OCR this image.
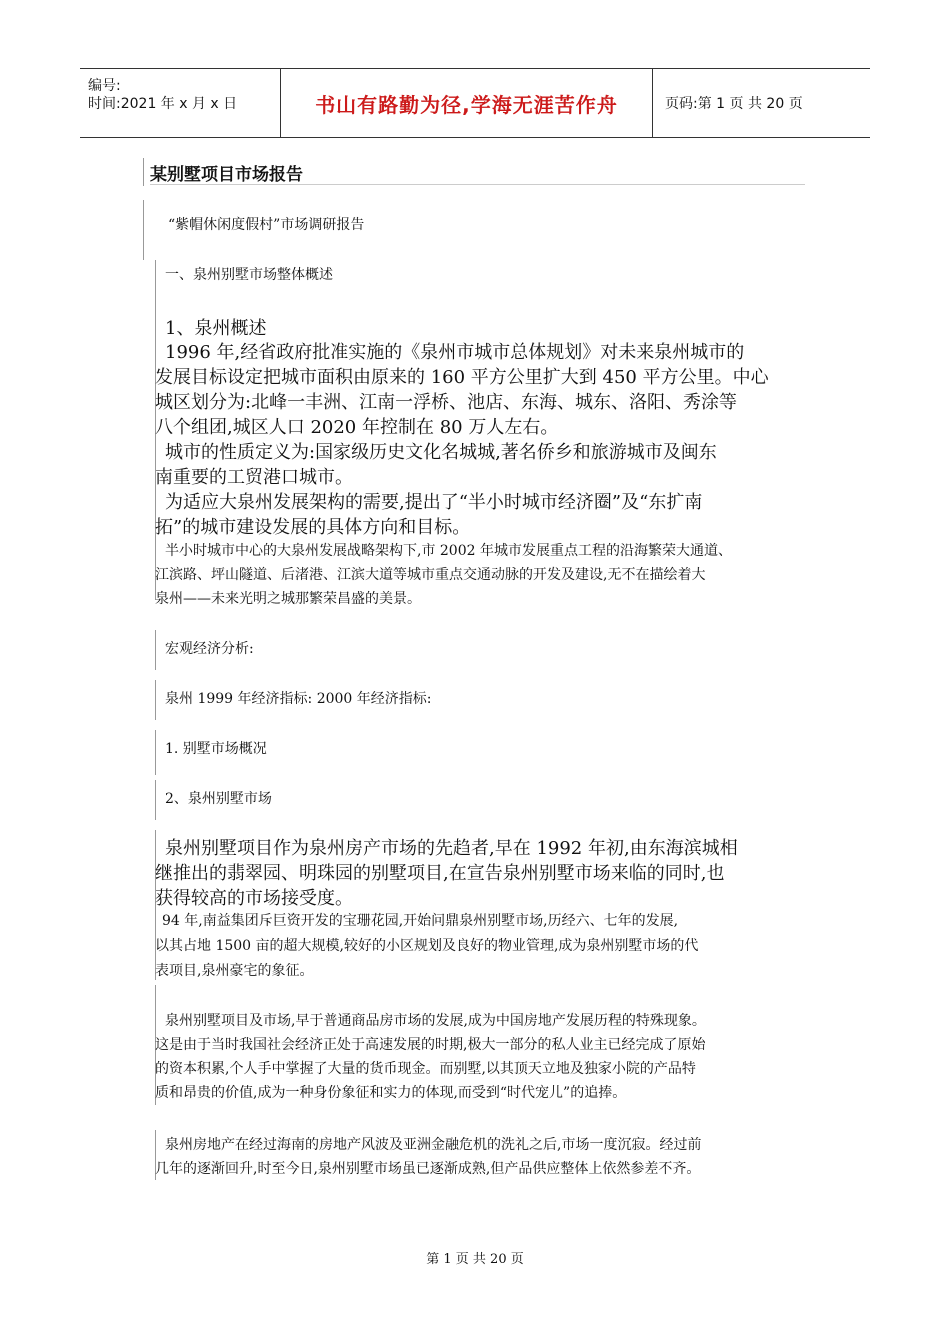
编号:
时间:2021 年 x 月 x 日	书山有路勤为径,学海无涯苦作舟	页码:第 1 页 共 20 页
某别墅项目市场报告
“紫帽休闲度假村”市场调研报告
一、泉州别墅市场整体概述
1、泉州概述
1996 年,经省政府批准实施的《泉州市城市总体规划》对未来泉州城市的
发展目标设定把城市面积由原来的 160 平方公里扩大到 450 平方公里。中心
城区划分为:北峰一丰洲、江南一浮桥、池店、东海、城东、洛阳、秀涂等
八个组团,城区人口 2020 年控制在 80 万人左右。
城市的性质定义为:国家级历史文化名城城,著名侨乡和旅游城市及闽东
南重要的工贸港口城市。
为适应大泉州发展架构的需要,提出了“半小时城市经济圈”及“东扩南
拓”的城市建设发展的具体方向和目标。
半小时城市中心的大泉州发展战略架构下,市 2002 年城市发展重点工程的沿海繁荣大通道、
江滨路、坪山隧道、后渚港、江滨大道等城市重点交通动脉的开发及建设,无不在描绘着大
泉州——未来光明之城那繁荣昌盛的美景。
宏观经济分析:
泉州 1999 年经济指标: 2000 年经济指标:
1. 别墅市场概况
2、泉州别墅市场
泉州别墅项目作为泉州房产市场的先趋者,早在 1992 年初,由东海滨城相
继推出的翡翠园、明珠园的别墅项目,在宣告泉州别墅市场来临的同时,也
获得较高的市场接受度。
94 年,南益集团斥巨资开发的宝珊花园,开始问鼎泉州别墅市场,历经六、七年的发展,
以其占地 1500 亩的超大规模,较好的小区规划及良好的物业管理,成为泉州别墅市场的代
表项目,泉州豪宅的象征。
泉州别墅项目及市场,早于普通商品房市场的发展,成为中国房地产发展历程的特殊现象。
这是由于当时我国社会经济正处于高速发展的时期,极大一部分的私人业主已经完成了原始
的资本积累,个人手中掌握了大量的货币现金。而别墅,以其顶天立地及独家小院的产品特
质和昂贵的价值,成为一种身份象征和实力的体现,而受到“时代宠儿”的追捧。
泉州房地产在经过海南的房地产风波及亚洲金融危机的洗礼之后,市场一度沉寂。经过前
几年的逐渐回升,时至今日,泉州别墅市场虽已逐渐成熟,但产品供应整体上依然参差不齐。
第 1 页 共 20 页
